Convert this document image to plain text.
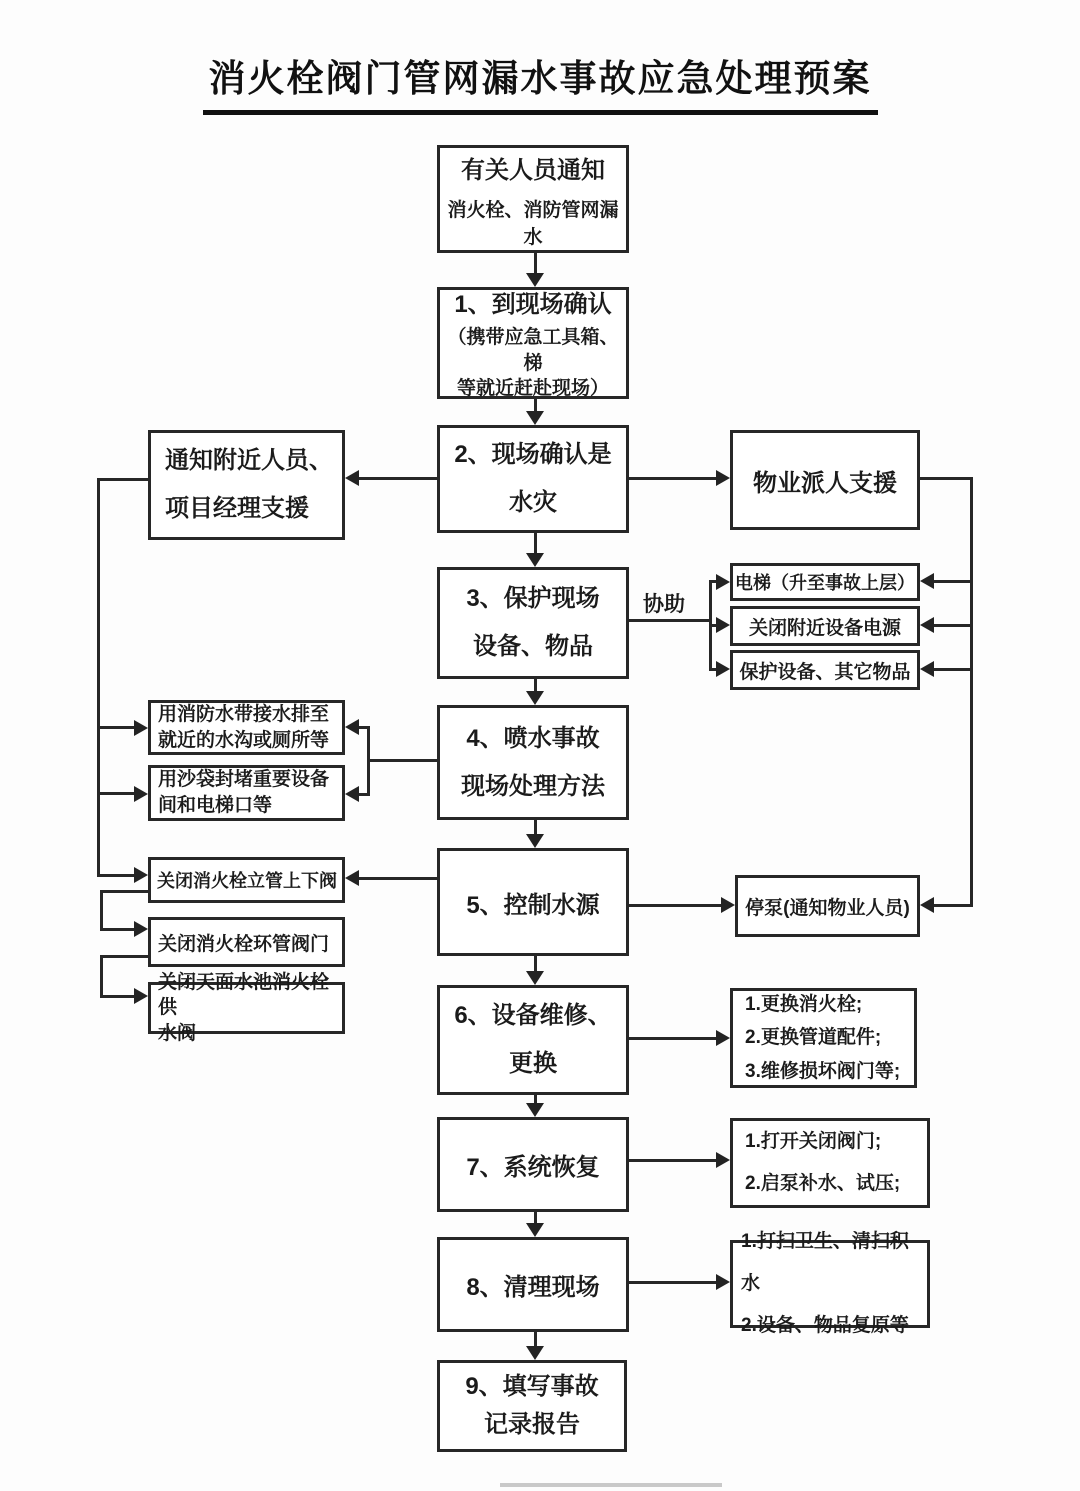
消火栓阀门管网漏水事故应急处理预案
有关人员通知
消火栓、消防管网漏水
1、到现场确认
（携带应急工具箱、梯
等就近赶赴现场）
2、现场确认是
水灾
3、保护现场
设备、物品
4、喷水事故
现场处理方法
5、控制水源
6、设备维修、
更换
7、系统恢复
8、清理现场
9、填写事故
记录报告
通知附近人员、
项目经理支援
用消防水带接水排至
就近的水沟或厕所等
用沙袋封堵重要设备
间和电梯口等
关闭消火栓立管上下阀
关闭消火栓环管阀门
关闭天面水池消火栓供
水阀
物业派人支援
电梯（升至事故上层）
关闭附近设备电源
保护设备、其它物品
停泵(通知物业人员)
1.更换消火栓;
2.更换管道配件;
3.维修损坏阀门等;
1.打开关闭阀门;
2.启泵补水、试压;
1.打扫卫生、清扫积水
2.设备、物品复原等
协助
